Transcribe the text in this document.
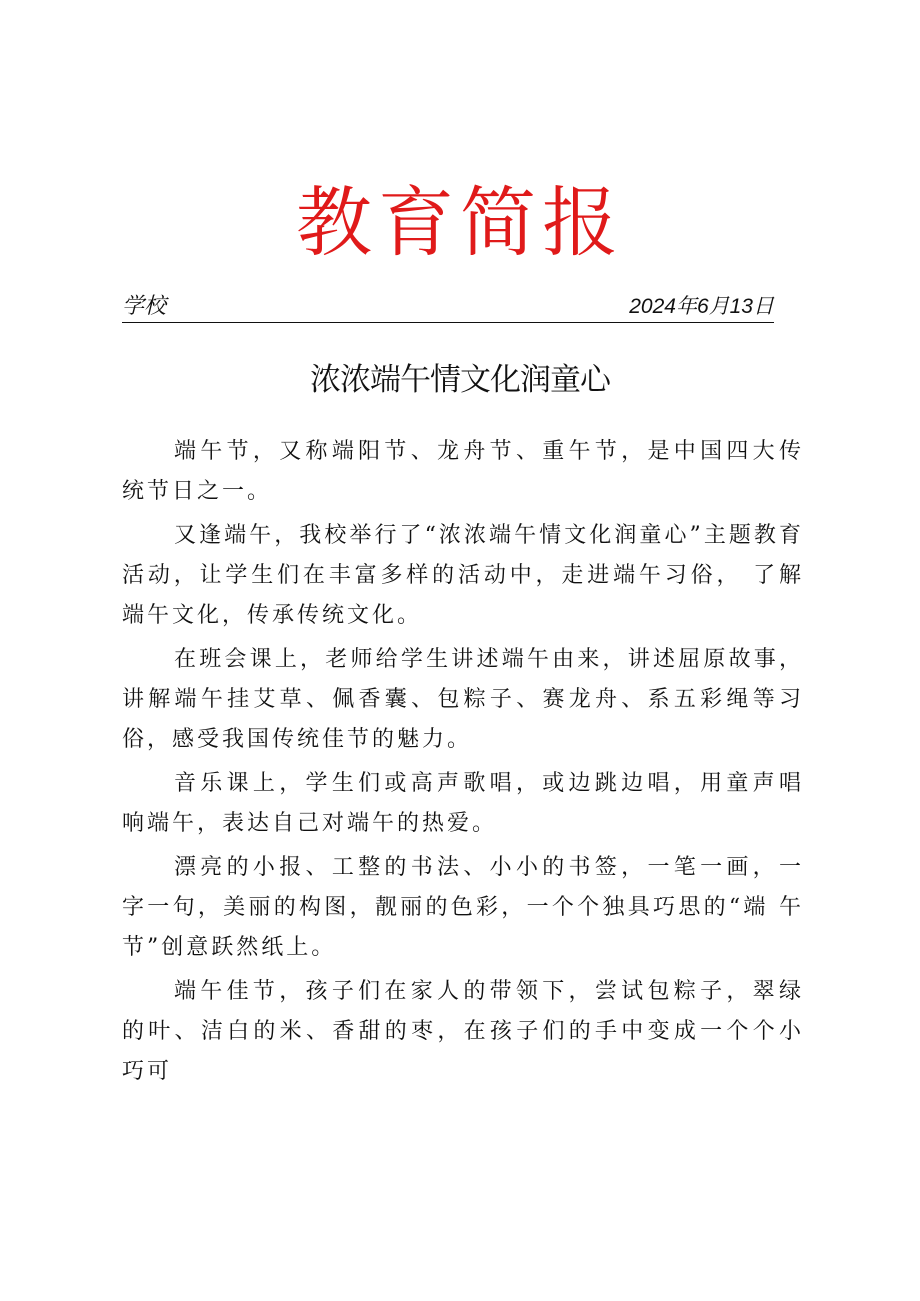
教育简报
学校	2024年6月13日
浓浓端午情文化润童心

端午节，又称端阳节、龙舟节、重午节，是中国四大传 统节日之一。

又逢端午，我校举行了“浓浓端午情文化润童心”主题教育活动，让学生们在丰富多样的活动中，走进端午习俗， 了解端午文化，传承传统文化。

在班会课上，老师给学生讲述端午由来，讲述屈原故事，讲解端午挂艾草、佩香囊、包粽子、赛龙舟、系五彩绳等习俗，感受我国传统佳节的魅力。

音乐课上，学生们或高声歌唱，或边跳边唱，用童声唱 响端午，表达自己对端午的热爱。

漂亮的小报、工整的书法、小小的书签，一笔一画，一 字一句，美丽的构图，靓丽的色彩，一个个独具巧思的“端 午节”创意跃然纸上。

端午佳节，孩子们在家人的带领下，尝试包粽子，翠绿 的叶、洁白的米、香甜的枣，在孩子们的手中变成一个个小 巧可
